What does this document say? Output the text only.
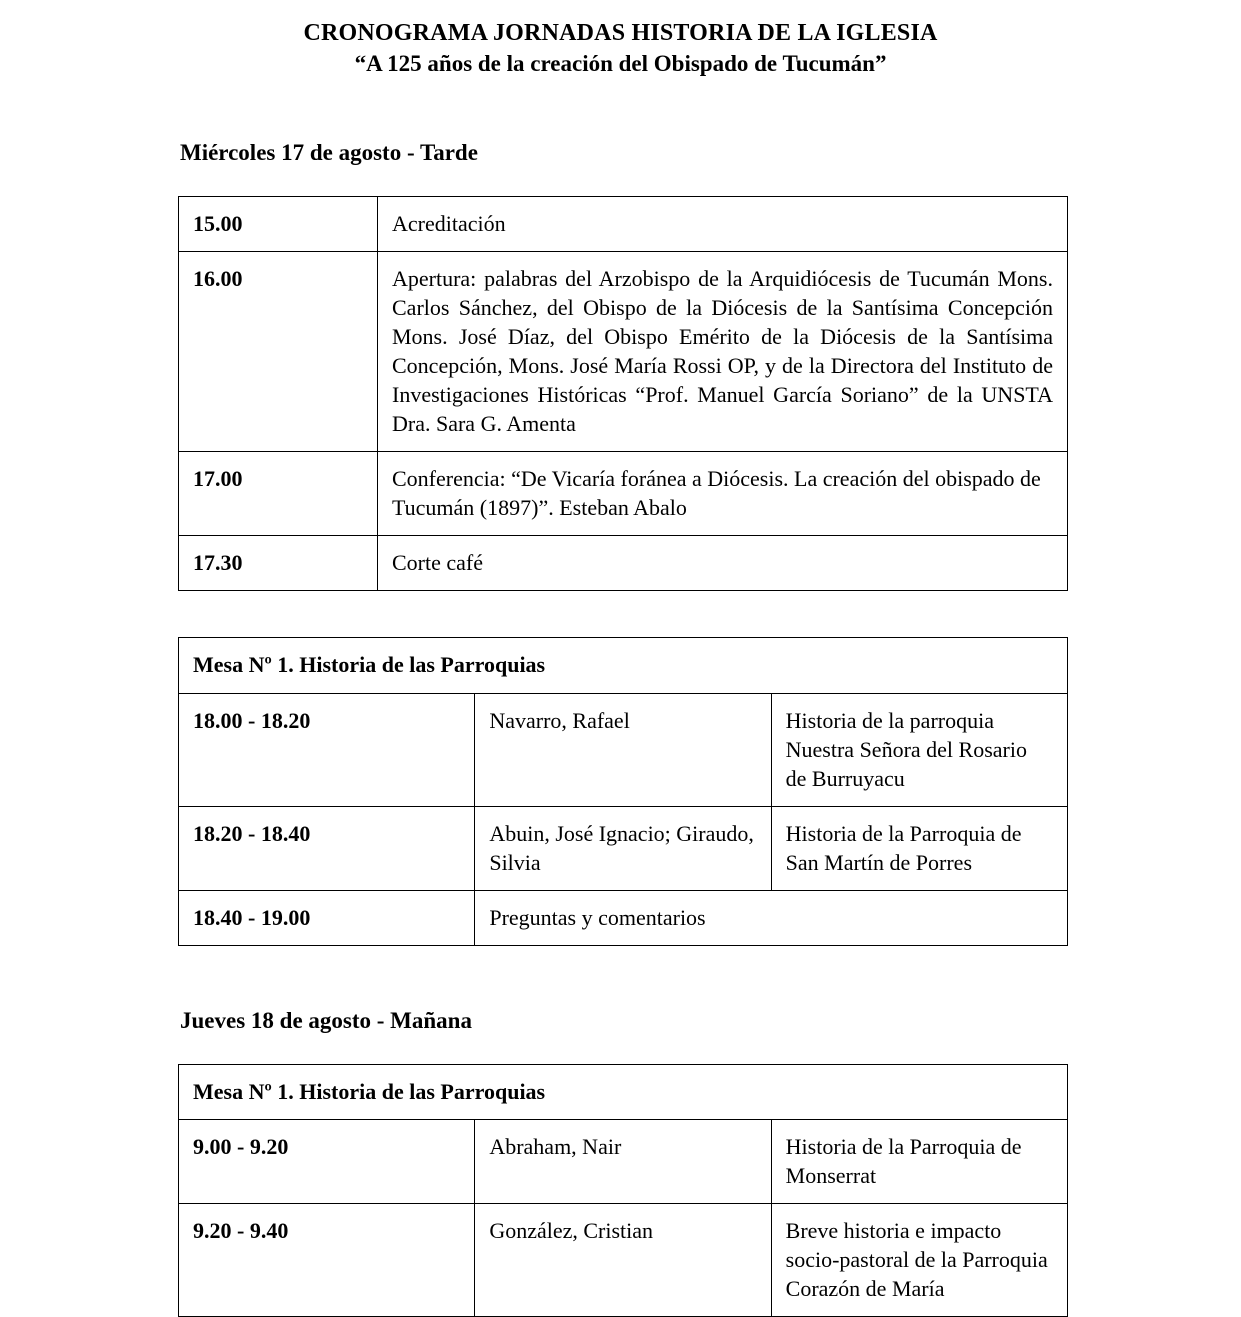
CRONOGRAMA JORNADAS HISTORIA DE LA IGLESIA
“A 125 años de la creación del Obispado de Tucumán”
Miércoles 17 de agosto - Tarde
15.00	Acreditación
16.00	Apertura: palabras del Arzobispo de la Arquidiócesis de Tucumán Mons. Carlos Sánchez, del Obispo de la Diócesis de la Santísima Concepción Mons. José Díaz, del Obispo Emérito de la Diócesis de la Santísima Concepción, Mons. José María Rossi OP, y de la Directora del Instituto de Investigaciones Históricas “Prof. Manuel García Soriano” de la UNSTA Dra. Sara G. Amenta
17.00	Conferencia: “De Vicaría foránea a Diócesis. La creación del obispado de Tucumán (1897)”. Esteban Abalo
17.30	Corte café
Mesa Nº 1. Historia de las Parroquias		
18.00 - 18.20	Navarro, Rafael	Historia de la parroquia Nuestra Señora del Rosario de Burruyacu
18.20 - 18.40	Abuin, José Ignacio; Giraudo, Silvia	Historia de la Parroquia de San Martín de Porres
18.40 - 19.00	Preguntas y comentarios	
Jueves 18 de agosto - Mañana
Mesa Nº 1. Historia de las Parroquias		
9.00 - 9.20	Abraham, Nair	Historia de la Parroquia de Monserrat
9.20 - 9.40	González, Cristian	Breve historia e impacto socio-pastoral de la Parroquia Corazón de María
